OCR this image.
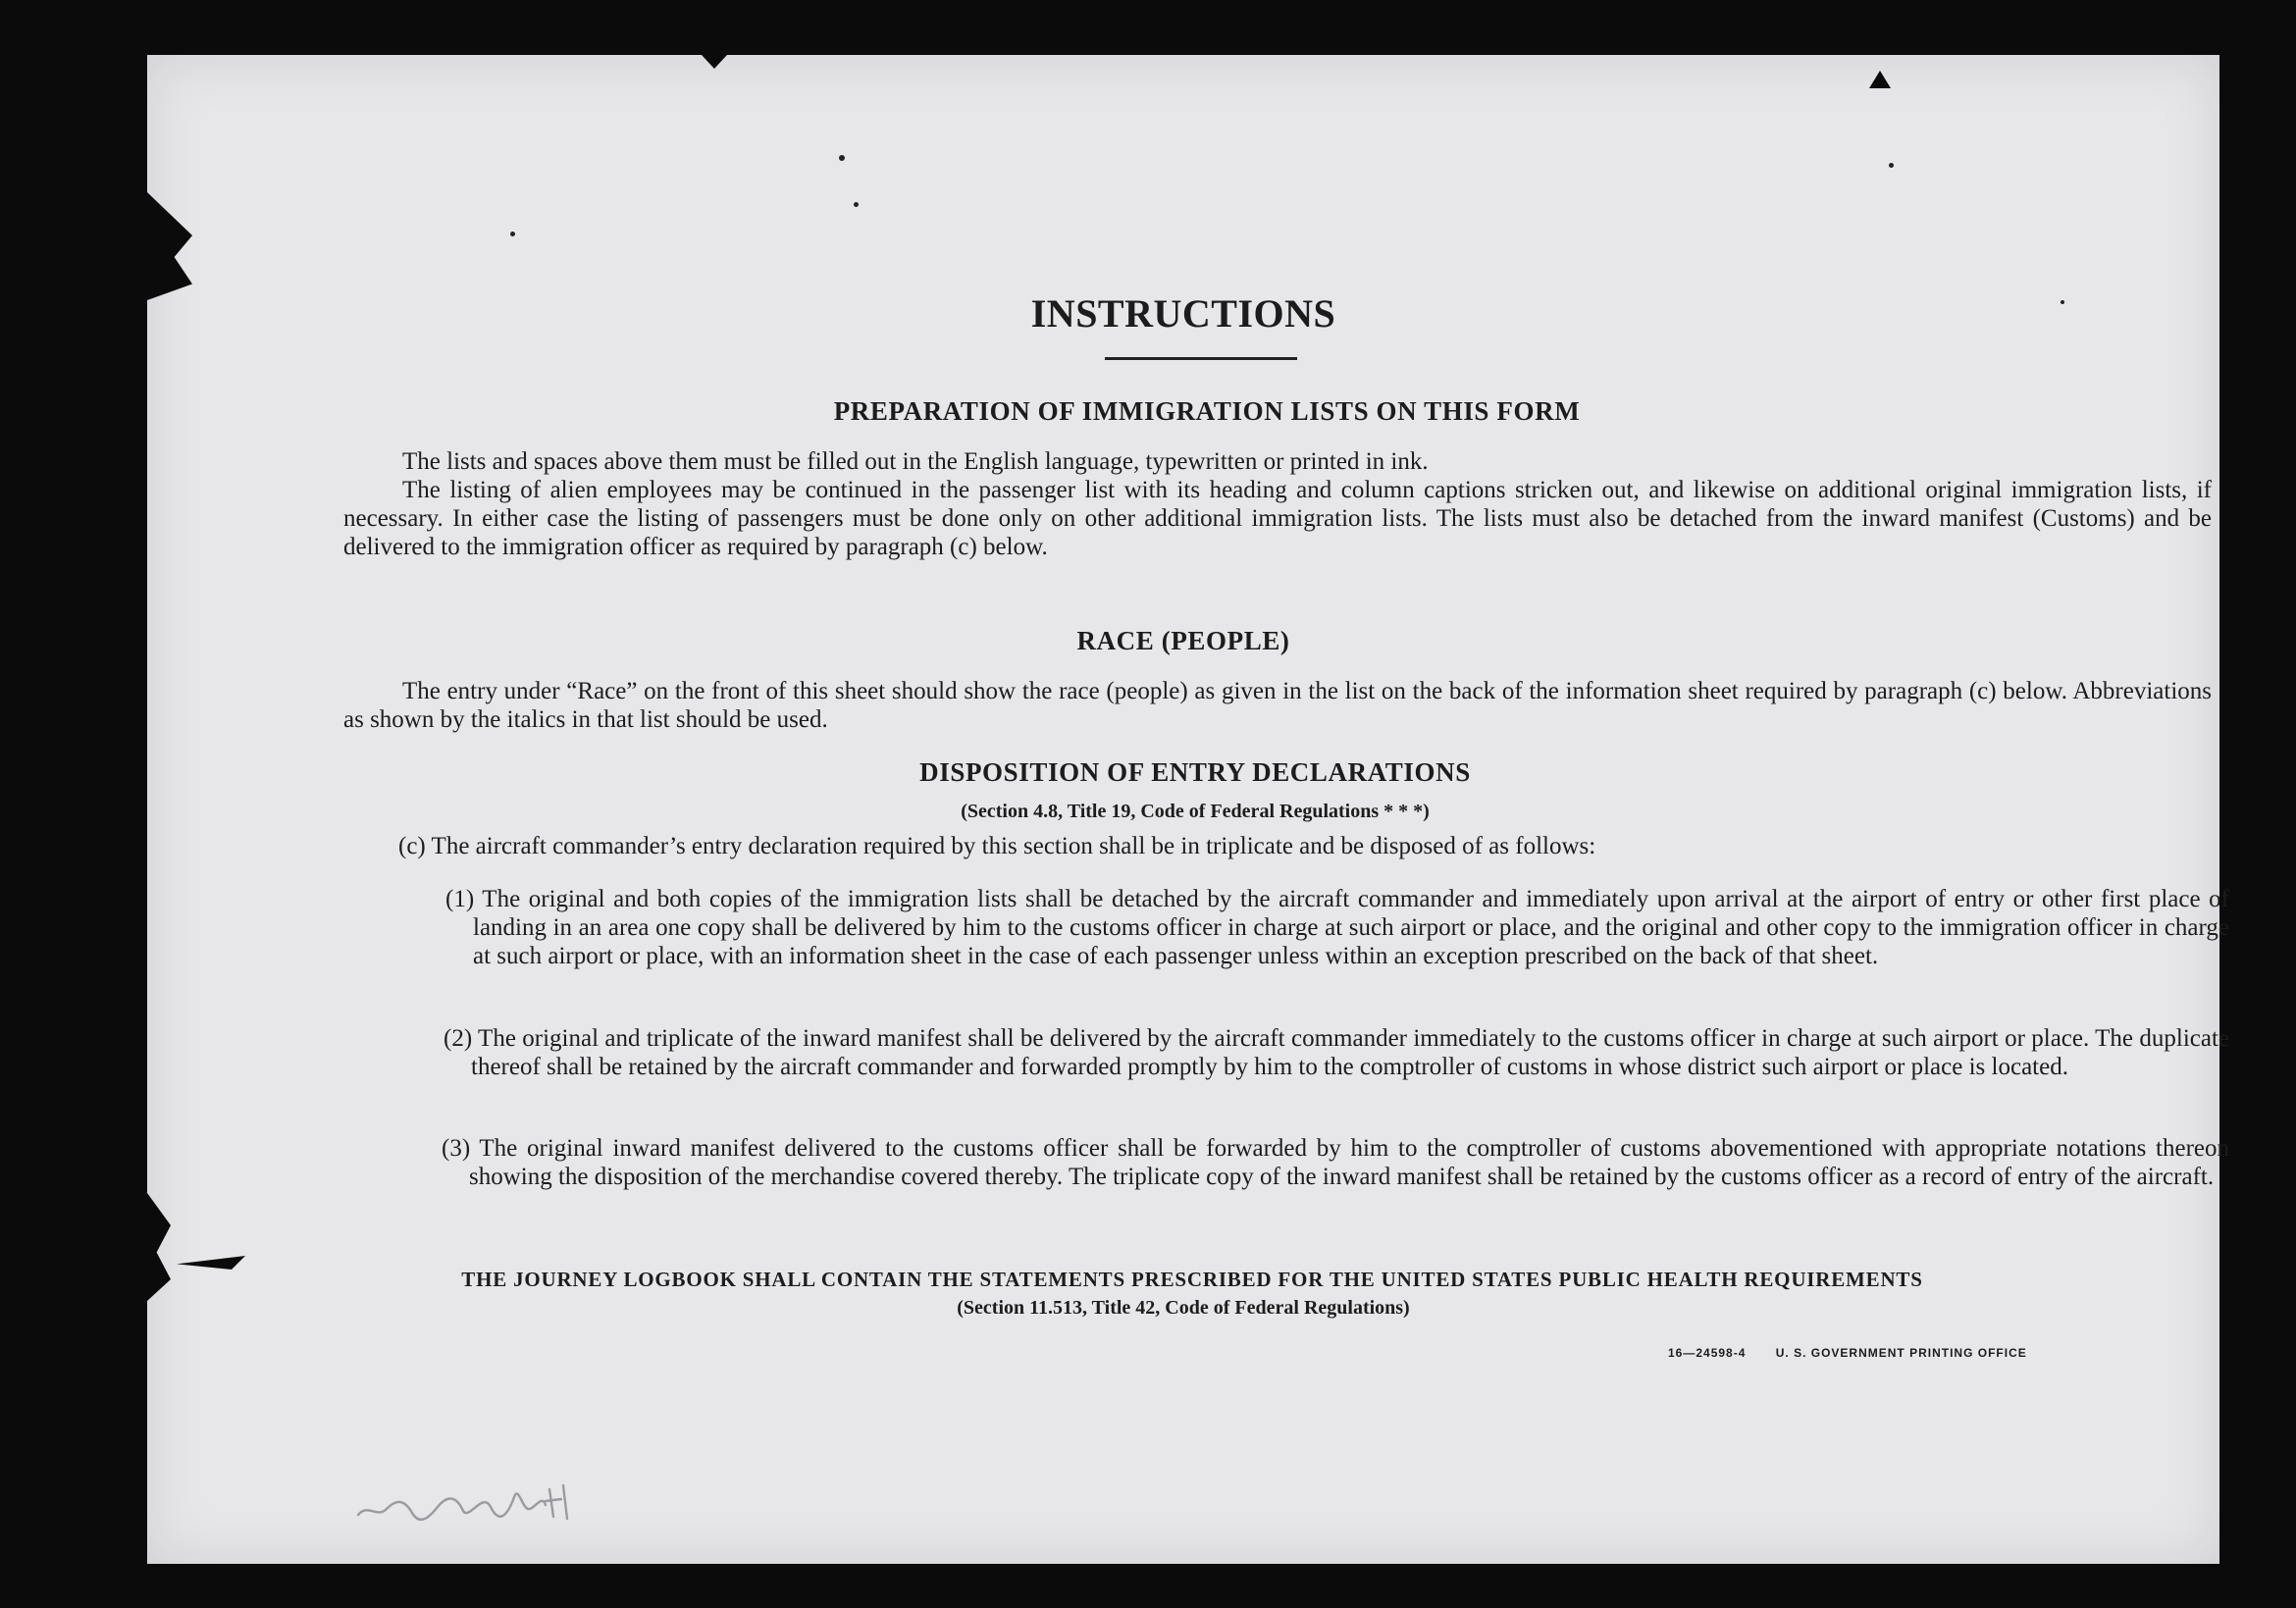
INSTRUCTIONS
PREPARATION OF IMMIGRATION LISTS ON THIS FORM

The lists and spaces above them must be filled out in the English language, typewritten or printed in ink.

The listing of alien employees may be continued in the passenger list with its heading and column captions stricken out, and likewise on additional original immigration lists, if necessary. In either case the listing of passengers must be done only on other additional immigration lists. The lists must also be detached from the inward manifest (Customs) and be delivered to the immigration officer as required by paragraph (c) below.

RACE (PEOPLE)

The entry under “Race” on the front of this sheet should show the race (people) as given in the list on the back of the information sheet required by paragraph (c) below. Abbreviations as shown by the italics in that list should be used.

DISPOSITION OF ENTRY DECLARATIONS
(Section 4.8, Title 19, Code of Federal Regulations * * *)
(c) The aircraft commander’s entry declaration required by this section shall be in triplicate and be disposed of as follows:
(1) The original and both copies of the immigration lists shall be detached by the aircraft commander and immediately upon arrival at the airport of entry or other first place of landing in an area one copy shall be delivered by him to the customs officer in charge at such airport or place, and the original and other copy to the immigration officer in charge at such airport or place, with an information sheet in the case of each passenger unless within an exception prescribed on the back of that sheet.
(2) The original and triplicate of the inward manifest shall be delivered by the aircraft commander immediately to the customs officer in charge at such airport or place. The duplicate thereof shall be retained by the aircraft commander and forwarded promptly by him to the comptroller of customs in whose district such airport or place is located.
(3) The original inward manifest delivered to the customs officer shall be forwarded by him to the comptroller of customs abovementioned with appropriate notations thereon showing the disposition of the merchandise covered thereby. The triplicate copy of the inward manifest shall be retained by the customs officer as a record of entry of the aircraft.
THE JOURNEY LOGBOOK SHALL CONTAIN THE STATEMENTS PRESCRIBED FOR THE UNITED STATES PUBLIC HEALTH REQUIREMENTS
(Section 11.513, Title 42, Code of Federal Regulations)
16—24598-4	U. S. GOVERNMENT PRINTING OFFICE
